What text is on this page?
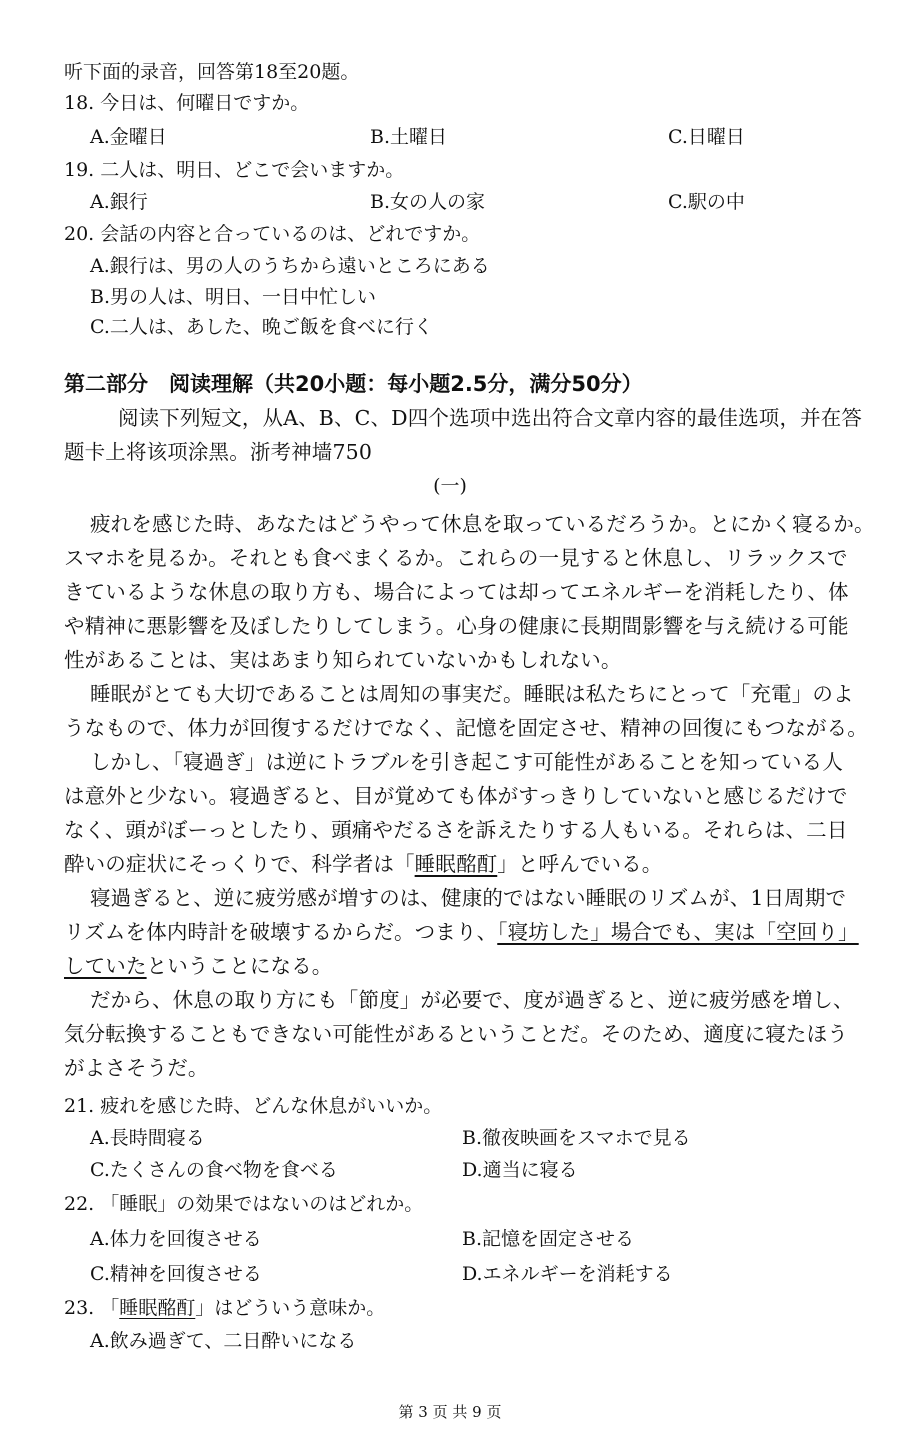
听下面的录音，回答第18至20题。
18. 今日は、何曜日ですか。
A.金曜日	B.土曜日	C.日曜日
19. 二人は、明日、どこで会いますか。
A.銀行	B.女の人の家	C.駅の中
20. 会話の内容と合っているのは、どれですか。
A.銀行は、男の人のうちから遠いところにある
B.男の人は、明日、一日中忙しい
C.二人は、あした、晩ご飯を食べに行く
第二部分　阅读理解（共20小题：每小题2.5分，满分50分）
阅读下列短文，从A、B、C、D四个选项中选出符合文章内容的最佳选项，并在答
题卡上将该项涂黑。浙考神墙750
(一)
疲れを感じた時、あなたはどうやって休息を取っているだろうか。とにかく寝るか。
スマホを見るか。それとも食べまくるか。これらの一見すると休息し、リラックスで
きているような休息の取り方も、場合によっては却ってエネルギーを消耗したり、体
や精神に悪影響を及ぼしたりしてしまう。心身の健康に長期間影響を与え続ける可能
性があることは、実はあまり知られていないかもしれない。
睡眠がとても大切であることは周知の事実だ。睡眠は私たちにとって「充電」のよ
うなもので、体力が回復するだけでなく、記憶を固定させ、精神の回復にもつながる。
しかし、「寝過ぎ」は逆にトラブルを引き起こす可能性があることを知っている人
は意外と少ない。寝過ぎると、目が覚めても体がすっきりしていないと感じるだけで
なく、頭がぼーっとしたり、頭痛やだるさを訴えたりする人もいる。それらは、二日
酔いの症状にそっくりで、科学者は「睡眠酩酊」と呼んでいる。
寝過ぎると、逆に疲労感が増すのは、健康的ではない睡眠のリズムが、1日周期で
リズムを体内時計を破壊するからだ。つまり、「寝坊した」場合でも、実は「空回り」
していたということになる。
だから、休息の取り方にも「節度」が必要で、度が過ぎると、逆に疲労感を増し、
気分転換することもできない可能性があるということだ。そのため、適度に寝たほう
がよさそうだ。
21. 疲れを感じた時、どんな休息がいいか。
A.長時間寝る	B.徹夜映画をスマホで見る
C.たくさんの食べ物を食べる	D.適当に寝る
22. 「睡眠」の効果ではないのはどれか。
A.体力を回復させる	B.記憶を固定させる
C.精神を回復させる	D.エネルギーを消耗する
23. 「睡眠酩酊」はどういう意味か。
A.飲み過ぎて、二日酔いになる
第 3 页 共 9 页
